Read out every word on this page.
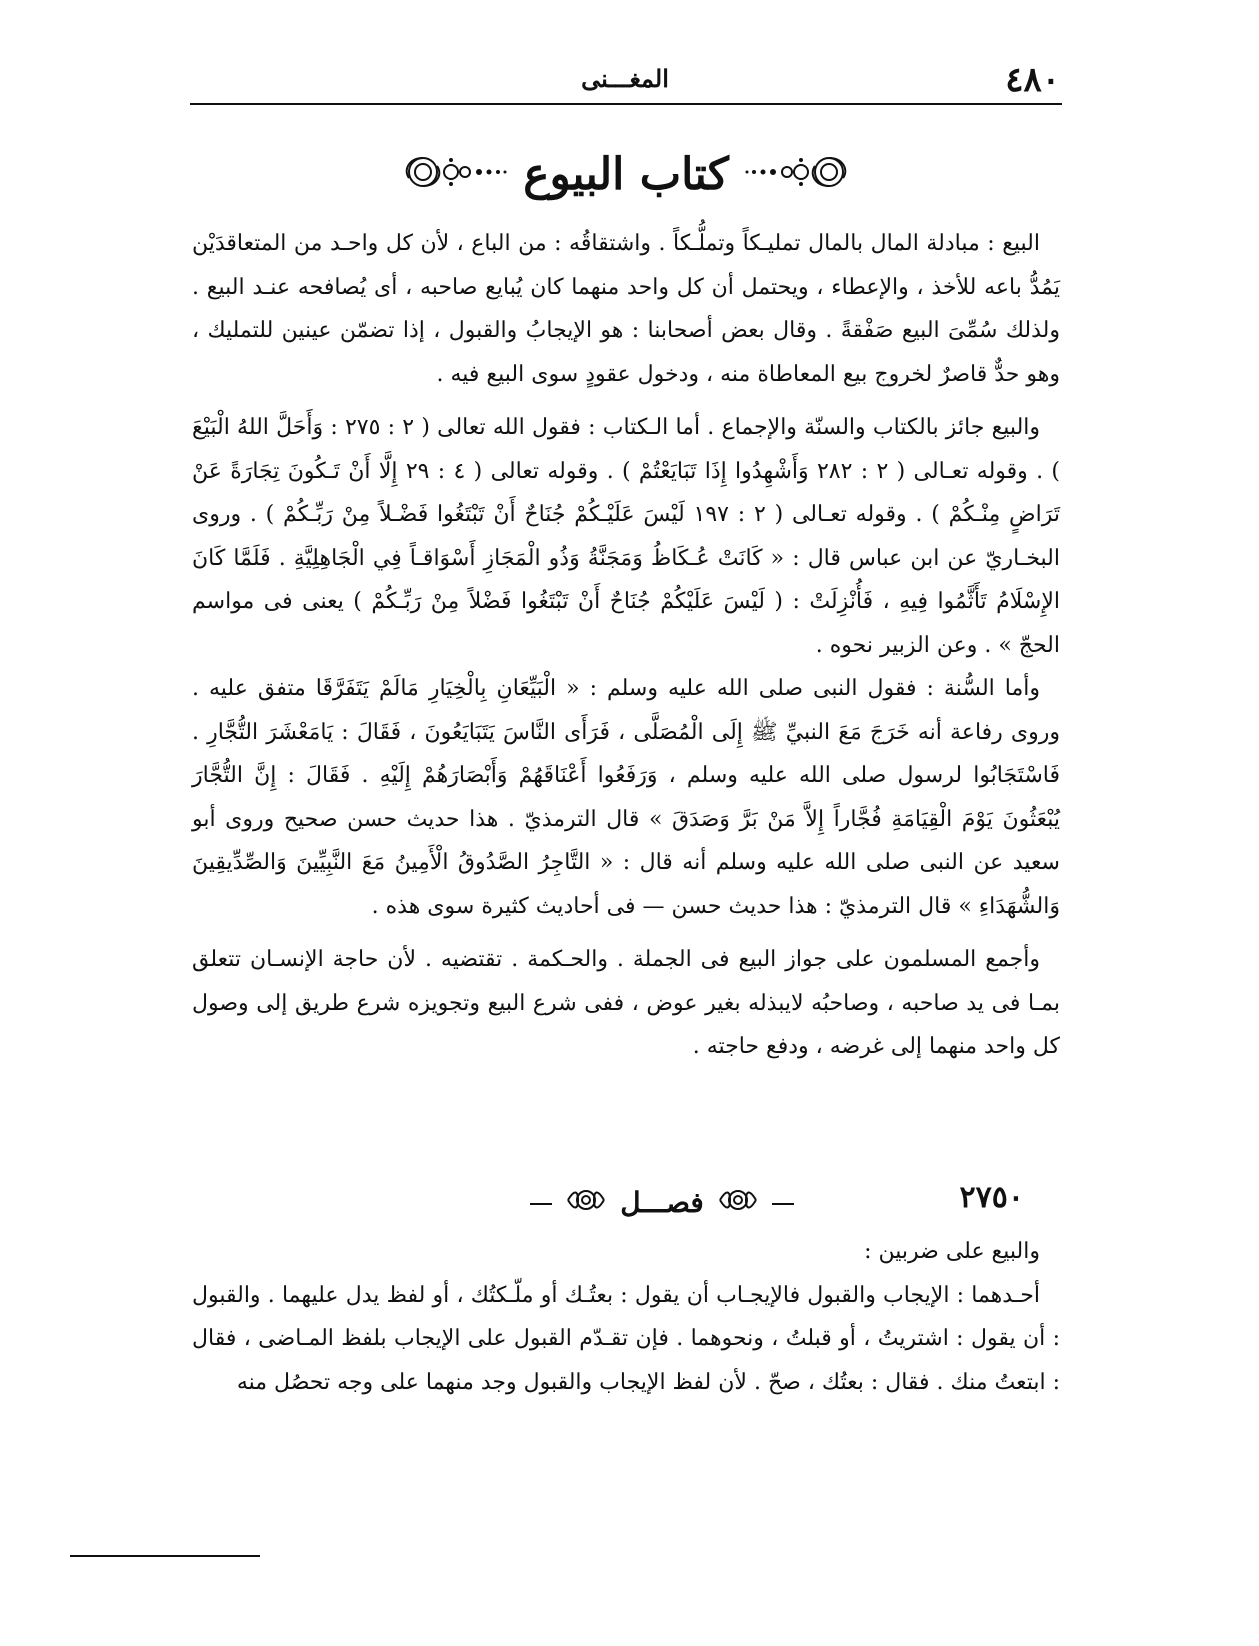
٤٨٠
المغـــنى
كتاب البيوع

البيع : مبادلة المال بالمال تمليـكاً وتملُّـكاً . واشتقاقُه : من الباع ، لأن كل واحـد من المتعاقدَيْن يَمُدُّ باعه للأخذ ، والإعطاء ، ويحتمل أن كل واحد منهما كان يُبايع صاحبه ، أى يُصافحه عنـد البيع . ولذلك سُمِّىَ البيع صَفْقةً . وقال بعض أصحابنا : هو الإيجابُ والقبول ، إذا تضمّن عينين للتمليك ، وهو حدٌّ قاصرٌ لخروج بيع المعاطاة منه ، ودخول عقودٍ سوى البيع فيه .

والبيع جائز بالكتاب والسنّة والإجماع . أما الـكتاب : فقول الله تعالى ( ٢ : ٢٧٥ : وَأَحَلَّ اللهُ الْبَيْعَ ) . وقوله تعـالى ( ٢ : ٢٨٢ وَأَشْهِدُوا إِذَا تَبَايَعْتُمْ ) . وقوله تعالى ( ٤ : ٢٩ إِلَّا أَنْ تَـكُونَ تِجَارَةً عَنْ تَرَاضٍ مِنْـكُمْ ) . وقوله تعـالى ( ٢ : ١٩٧ لَيْسَ عَلَيْـكُمْ جُنَاحٌ أَنْ تَبْتَغُوا فَضْـلاً مِنْ رَبِّـكُمْ ) . وروى البخـاريّ عن ابن عباس قال : « كَانَتْ عُـكَاظُ وَمَجَنَّةُ وَذُو الْمَجَازِ أَسْوَاقـاً فِي الْجَاهِلِيَّةِ . فَلَمَّا كَانَ الإِسْلَامُ تَأَثَّمُوا فِيهِ ، فَأُنْزِلَتْ : ( لَيْسَ عَلَيْكُمْ جُنَاحٌ أَنْ تَبْتَغُوا فَضْلاً مِنْ رَبِّـكُمْ ) يعنى فى مواسم الحجّ » . وعن الزبير نحوه .

وأما السُّنة : فقول النبى صلى الله عليه وسلم : « الْبَيِّعَانِ بِالْخِيَارِ مَالَمْ يَتَفَرَّقَا متفق عليه . وروى رفاعة أنه خَرَجَ مَعَ النبيِّ ﷺ إِلَى الْمُصَلَّى ، فَرَأَى النَّاسَ يَتَبَايَعُونَ ، فَقَالَ : يَامَعْشَرَ التُّجَّارِ . فَاسْتَجَابُوا لرسول صلى الله عليه وسلم ، وَرَفَعُوا أَعْنَاقَهُمْ وَأَبْصَارَهُمْ إِلَيْهِ . فَقَالَ : إِنَّ التُّجَّارَ يُبْعَثُونَ يَوْمَ الْقِيَامَةِ فُجَّاراً إِلاَّ مَنْ بَرَّ وَصَدَقَ » قال الترمذيّ . هذا حديث حسن صحيح وروى أبو سعيد عن النبى صلى الله عليه وسلم أنه قال : « التَّاجِرُ الصَّدُوقُ الْأَمِينُ مَعَ النَّبِيِّينَ وَالصِّدِّيقِينَ وَالشُّهَدَاءِ » قال الترمذيّ : هذا حديث حسن — فى أحاديث كثيرة سوى هذه .

وأجمع المسلمون على جواز البيع فى الجملة . والحـكمة . تقتضيه . لأن حاجة الإنسـان تتعلق بمـا فى يد صاحبه ، وصاحبُه لايبذله بغير عوض ، ففى شرع البيع وتجويزه شرع طريق إلى وصول كل واحد منهما إلى غرضه ، ودفع حاجته .

٢٧٥٠
فصـــل

والبيع على ضربين :

أحـدهما : الإيجاب والقبول فالإيجـاب أن يقول : بعتُـك أو ملّـكتُك ، أو لفظ يدل عليهما . والقبول : أن يقول : اشتريتُ ، أو قبلتُ ، ونحوهما . فإن تقـدّم القبول على الإيجاب بلفظ المـاضى ، فقال : ابتعتُ منك . فقال : بعتُك ، صحّ . لأن لفظ الإيجاب والقبول وجد منهما على وجه تحصُل منه
